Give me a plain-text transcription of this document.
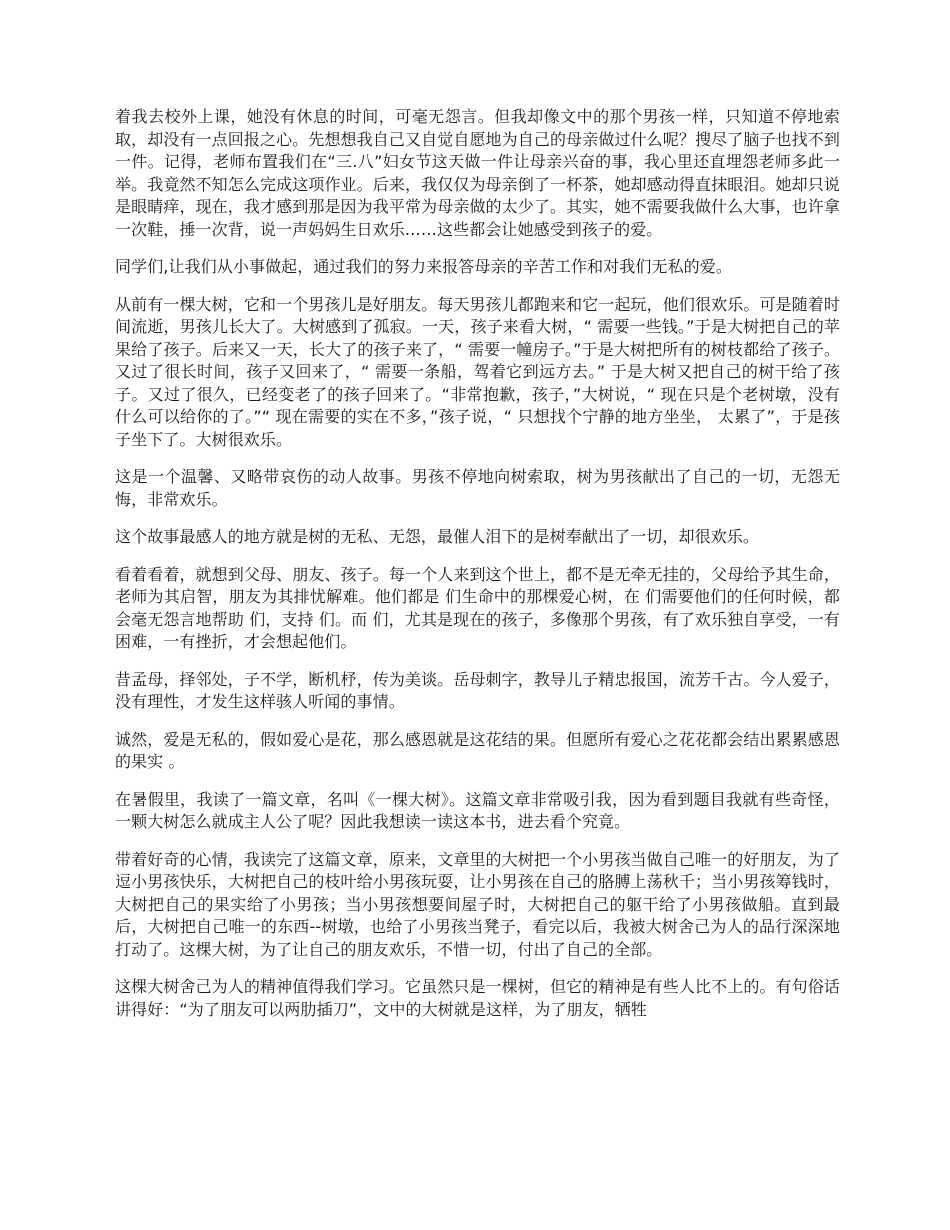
着我去校外上课，她没有休息的时间，可毫无怨言。但我却像文中的那个男孩一样，只知道不停地索取，却没有一点回报之心。先想想我自己又自觉自愿地为自己的母亲做过什么呢？搜尽了脑子也找不到一件。记得，老师布置我们在“三.八”妇女节这天做一件让母亲兴奋的事，我心里还直埋怨老师多此一举。我竟然不知怎么完成这项作业。后来，我仅仅为母亲倒了一杯茶，她却感动得直抹眼泪。她却只说是眼睛痒，现在，我才感到那是因为我平常为母亲做的太少了。其实，她不需要我做什么大事，也许拿一次鞋，捶一次背，说一声妈妈生日欢乐……这些都会让她感受到孩子的爱。

同学们,让我们从小事做起，通过我们的努力来报答母亲的辛苦工作和对我们无私的爱。

从前有一棵大树，它和一个男孩儿是好朋友。每天男孩儿都跑来和它一起玩，他们很欢乐。可是随着时间流逝，男孩儿长大了。大树感到了孤寂。一天，孩子来看大树，“ 需要一些钱。”于是大树把自己的苹果给了孩子。后来又一天，长大了的孩子来了，“ 需要一幢房子。”于是大树把所有的树枝都给了孩子。又过了很长时间，孩子又回来了，“ 需要一条船，驾着它到远方去。” 于是大树又把自己的树干给了孩子。又过了很久，已经变老了的孩子回来了。“非常抱歉，孩子，”大树说，“ 现在只是个老树墩，没有什么可以给你的了。”“ 现在需要的实在不多，”孩子说，“ 只想找个宁静的地方坐坐， 太累了”，于是孩子坐下了。大树很欢乐。

这是一个温馨、又略带哀伤的动人故事。男孩不停地向树索取，树为男孩献出了自己的一切，无怨无悔，非常欢乐。

这个故事最感人的地方就是树的无私、无怨，最催人泪下的是树奉献出了一切，却很欢乐。

看着看着，就想到父母、朋友、孩子。每一个人来到这个世上，都不是无牵无挂的，父母给予其生命，老师为其启智，朋友为其排忧解难。他们都是 们生命中的那棵爱心树，在 们需要他们的任何时候，都会毫无怨言地帮助 们，支持 们。而 们，尤其是现在的孩子，多像那个男孩，有了欢乐独自享受，一有困难，一有挫折，才会想起他们。

昔孟母，择邻处，子不学，断机杼，传为美谈。岳母刺字，教导儿子精忠报国，流芳千古。今人爱子，没有理性，才发生这样骇人听闻的事情。

诚然，爱是无私的，假如爱心是花，那么感恩就是这花结的果。但愿所有爱心之花花都会结出累累感恩的果实 。

在暑假里，我读了一篇文章，名叫《一棵大树》。这篇文章非常吸引我，因为看到题目我就有些奇怪，一颗大树怎么就成主人公了呢？因此我想读一读这本书，进去看个究竟。

带着好奇的心情，我读完了这篇文章，原来，文章里的大树把一个小男孩当做自己唯一的好朋友，为了逗小男孩快乐，大树把自己的枝叶给小男孩玩耍，让小男孩在自己的胳膊上荡秋千；当小男孩筹钱时，大树把自己的果实给了小男孩；当小男孩想要间屋子时，大树把自己的躯干给了小男孩做船。直到最后，大树把自己唯一的东西--树墩，也给了小男孩当凳子，看完以后，我被大树舍己为人的品行深深地打动了。这棵大树，为了让自己的朋友欢乐，不惜一切，付出了自己的全部。

这棵大树舍己为人的精神值得我们学习。它虽然只是一棵树，但它的精神是有些人比不上的。有句俗话讲得好：“为了朋友可以两肋插刀”，文中的大树就是这样，为了朋友，牺牲
